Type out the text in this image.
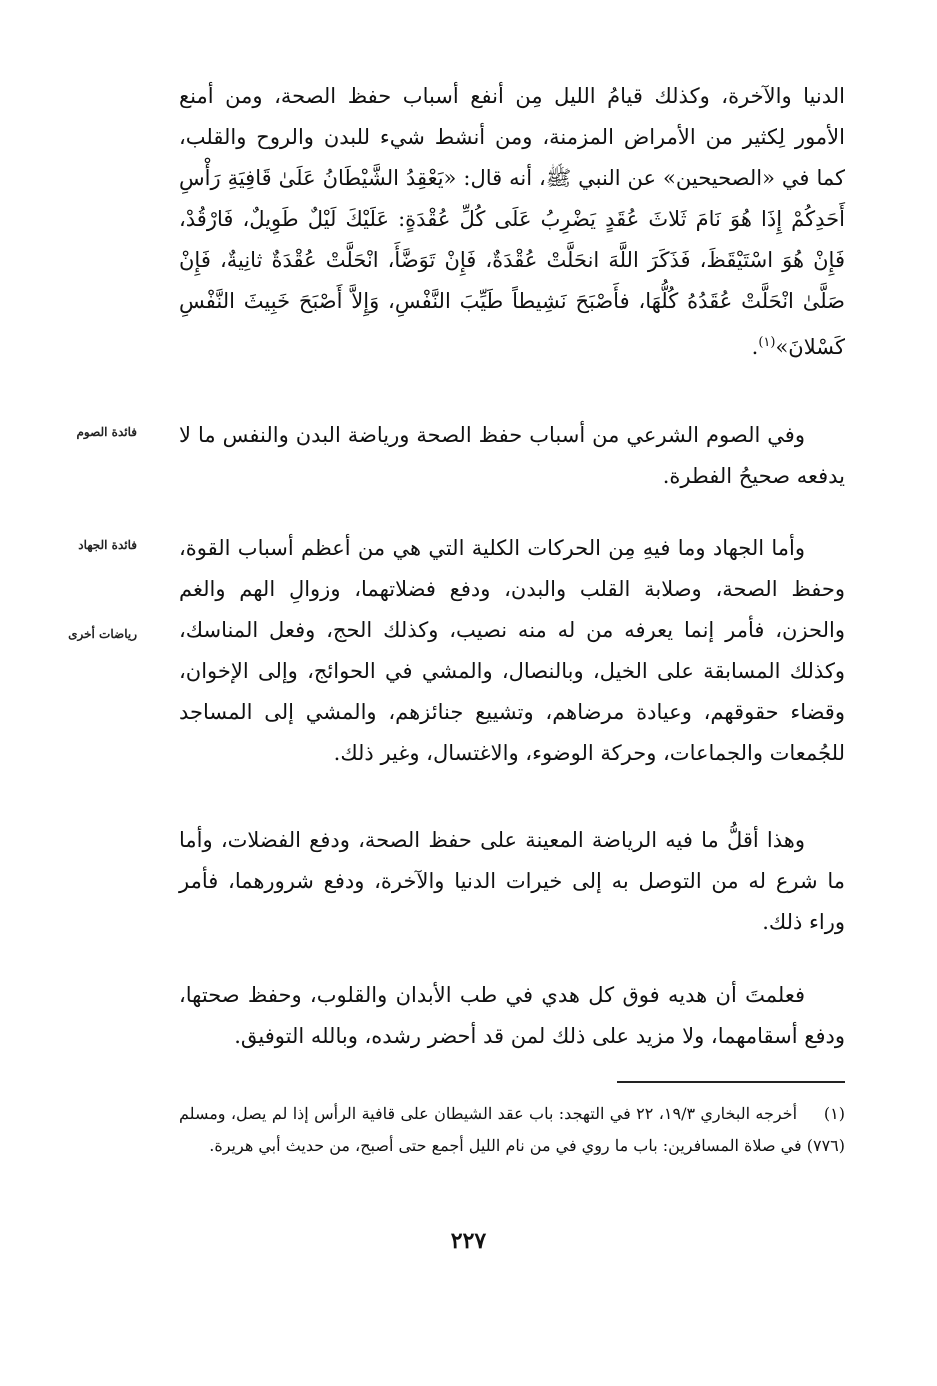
الدنيا والآخرة، وكذلك قيامُ الليل مِن أنفع أسباب حفظ الصحة، ومن أمنع الأمور لِكثير من الأمراض المزمنة، ومن أنشط شيء للبدن والروح والقلب، كما في «الصحيحين» عن النبي ﷺ، أنه قال: «يَعْقِدُ الشَّيْطَانُ عَلَىٰ قَافِيَةِ رَأْسِ أَحَدِكُمْ إِذَا هُوَ نَامَ ثَلاثَ عُقَدٍ يَضْرِبُ عَلَى كُلِّ عُقْدَةٍ: عَلَيْكَ لَيْلٌ طَوِيلٌ، فَارْقُدْ، فَإِنْ هُوَ اسْتَيْقَظَ، فَذَكَرَ اللَّهَ انحَلَّتْ عُقْدَةٌ، فَإِنْ تَوَضَّأَ، انْحَلَّتْ عُقْدَةٌ ثانِيةٌ، فَإِنْ صَلَّىٰ انْحَلَّتْ عُقَدُهُ كُلُّهَا، فأَصْبَحَ نَشِيطاً طَيِّبَ النَّفْسِ، وَإِلاَّ أَصْبَحَ خَبِيثَ النَّفْسِ كَسْلانَ»$^{(١)}$.

فائدة الصوم وفي الصوم الشرعي من أسباب حفظ الصحة ورياضة البدن والنفس ما لا يدفعه صحيحُ الفطرة.

فائدة الجهاد
رياضات أخرى

وأما الجهاد وما فيهِ مِن الحركات الكلية التي هي من أعظم أسباب القوة، وحفظ الصحة، وصلابة القلب والبدن، ودفع فضلاتهما، وزوالِ الهم والغم والحزن، فأمر إنما يعرفه من له منه نصيب، وكذلك الحج، وفعل المناسك، وكذلك المسابقة على الخيل، وبالنصال، والمشي في الحوائج، وإلى الإخوان، وقضاء حقوقهم، وعيادة مرضاهم، وتشييع جنائزهم، والمشي إلى المساجد للجُمعات والجماعات، وحركة الوضوء، والاغتسال، وغير ذلك.

وهذا أقلُّ ما فيه الرياضة المعينة على حفظ الصحة، ودفع الفضلات، وأما ما شرع له من التوصل به إلى خيرات الدنيا والآخرة، ودفع شرورهما، فأمر وراء ذلك.

فعلمتَ أن هديه فوق كل هدي في طب الأبدان والقلوب، وحفظ صحتها، ودفع أسقامهما، ولا مزيد على ذلك لمن قد أحضر رشده، وبالله التوفيق.

(١)أخرجه البخاري ١٩/٣، ٢٢ في التهجد: باب عقد الشيطان على قافية الرأس إذا لم يصل، ومسلم (٧٧٦) في صلاة المسافرين: باب ما روي في من نام الليل أجمع حتى أصبح، من حديث أبي هريرة.
٢٢٧
